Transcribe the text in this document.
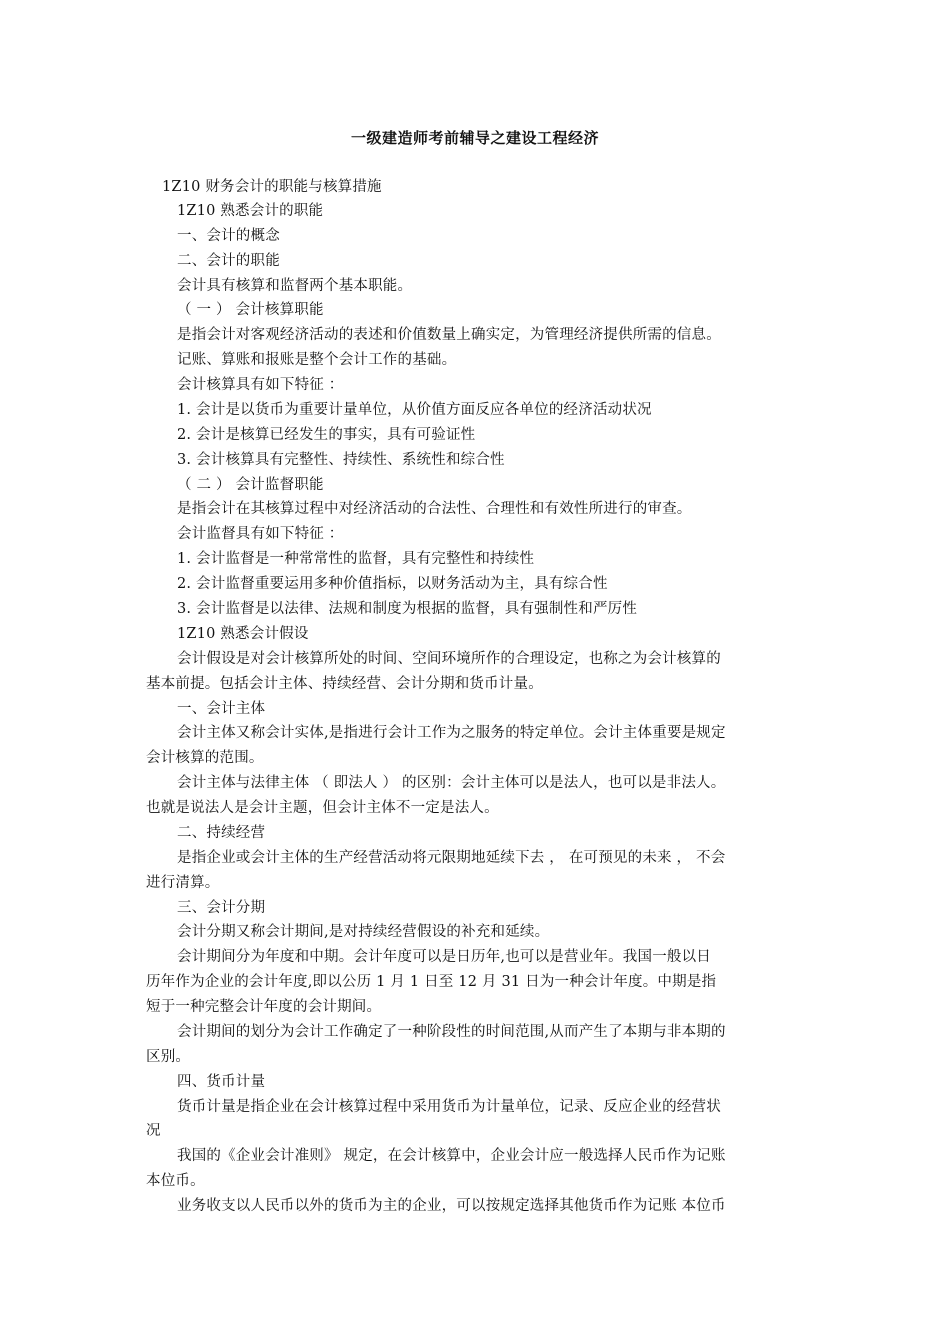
一级建造师考前辅导之建设工程经济
1Z10 财务会计的职能与核算措施
1Z10 熟悉会计的职能
一、会计的概念
二、会计的职能
会计具有核算和监督两个基本职能。
（ 一 ） 会计核算职能
是指会计对客观经济活动的表述和价值数量上确实定，为管理经济提供所需的信息。
记账、算账和报账是整个会计工作的基础。
会计核算具有如下特征 ：
1. 会计是以货币为重要计量单位，从价值方面反应各单位的经济活动状况
2. 会计是核算已经发生的事实，具有可验证性
3. 会计核算具有完整性、持续性、系统性和综合性
（ 二 ） 会计监督职能
是指会计在其核算过程中对经济活动的合法性、合理性和有效性所进行的审查。
会计监督具有如下特征 ：
1. 会计监督是一种常常性的监督，具有完整性和持续性
2. 会计监督重要运用多种价值指标，以财务活动为主，具有综合性
3. 会计监督是以法律、法规和制度为根据的监督，具有强制性和严厉性
1Z10 熟悉会计假设
会计假设是对会计核算所处的时间、空间环境所作的合理设定，也称之为会计核算的
基本前提。包括会计主体、持续经营、会计分期和货币计量。
一、会计主体
会计主体又称会计实体,是指进行会计工作为之服务的特定单位。会计主体重要是规定
会计核算的范围。
会计主体与法律主体 （ 即法人 ） 的区别：会计主体可以是法人，也可以是非法人。
也就是说法人是会计主题，但会计主体不一定是法人。
二、持续经营
是指企业或会计主体的生产经营活动将元限期地延续下去 ， 在可预见的未来 ， 不会
进行清算。
三、会计分期
会计分期又称会计期间,是对持续经营假设的补充和延续。
会计期间分为年度和中期。会计年度可以是日历年,也可以是营业年。我国一般以日
历年作为企业的会计年度,即以公历 1 月 1 日至 12 月 31 日为一种会计年度。中期是指
短于一种完整会计年度的会计期间。
会计期间的划分为会计工作确定了一种阶段性的时间范围,从而产生了本期与非本期的
区别。
四、货币计量
货币计量是指企业在会计核算过程中采用货币为计量单位，记录、反应企业的经营状
况
我国的《企业会计准则》 规定，在会计核算中，企业会计应一般选择人民币作为记账
本位币。
业务收支以人民币以外的货币为主的企业，可以按规定选择其他货币作为记账 本位币
